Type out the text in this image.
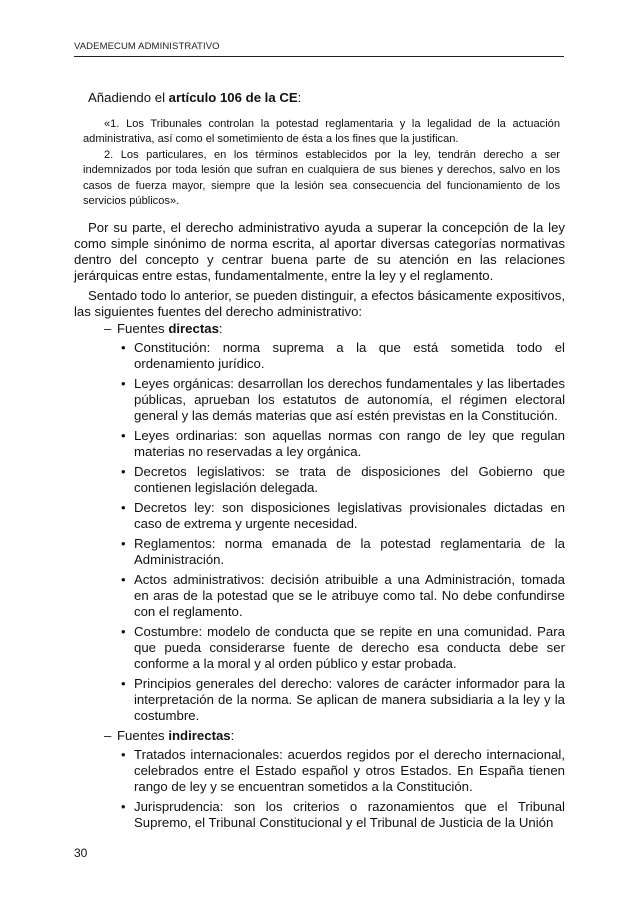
VADEMECUM ADMINISTRATIVO

Añadiendo el artículo 106 de la CE:

«1. Los Tribunales controlan la potestad reglamentaria y la legalidad de la actuación administrativa, así como el sometimiento de ésta a los fines que la justifican.

2. Los particulares, en los términos establecidos por la ley, tendrán derecho a ser indemnizados por toda lesión que sufran en cualquiera de sus bienes y derechos, salvo en los casos de fuerza mayor, siempre que la lesión sea consecuencia del funcionamiento de los servicios públicos».

Por su parte, el derecho administrativo ayuda a superar la concepción de la ley como simple sinónimo de norma escrita, al aportar diversas categorías normativas dentro del concepto y centrar buena parte de su atención en las relaciones jerárquicas entre estas, fundamentalmente, entre la ley y el reglamento.

Sentado todo lo anterior, se pueden distinguir, a efectos básicamente expositivos, las siguientes fuentes del derecho administrativo:

– Fuentes directas:
• Constitución: norma suprema a la que está sometida todo el ordenamiento jurídico.
• Leyes orgánicas: desarrollan los derechos fundamentales y las libertades públicas, aprueban los estatutos de autonomía, el régimen electoral general y las demás materias que así estén previstas en la Constitución.
• Leyes ordinarias: son aquellas normas con rango de ley que regulan materias no reservadas a ley orgánica.
• Decretos legislativos: se trata de disposiciones del Gobierno que contienen legislación delegada.
• Decretos ley: son disposiciones legislativas provisionales dictadas en caso de extrema y urgente necesidad.
• Reglamentos: norma emanada de la potestad reglamentaria de la Administración.
• Actos administrativos: decisión atribuible a una Administración, tomada en aras de la potestad que se le atribuye como tal. No debe confundirse con el reglamento.
• Costumbre: modelo de conducta que se repite en una comunidad. Para que pueda considerarse fuente de derecho esa conducta debe ser conforme a la moral y al orden público y estar probada.
• Principios generales del derecho: valores de carácter informador para la interpretación de la norma. Se aplican de manera subsidiaria a la ley y la costumbre.
– Fuentes indirectas:
• Tratados internacionales: acuerdos regidos por el derecho internacional, celebrados entre el Estado español y otros Estados. En España tienen rango de ley y se encuentran sometidos a la Constitución.
• Jurisprudencia: son los criterios o razonamientos que el Tribunal Supremo, el Tribunal Constitucional y el Tribunal de Justicia de la Unión
30
